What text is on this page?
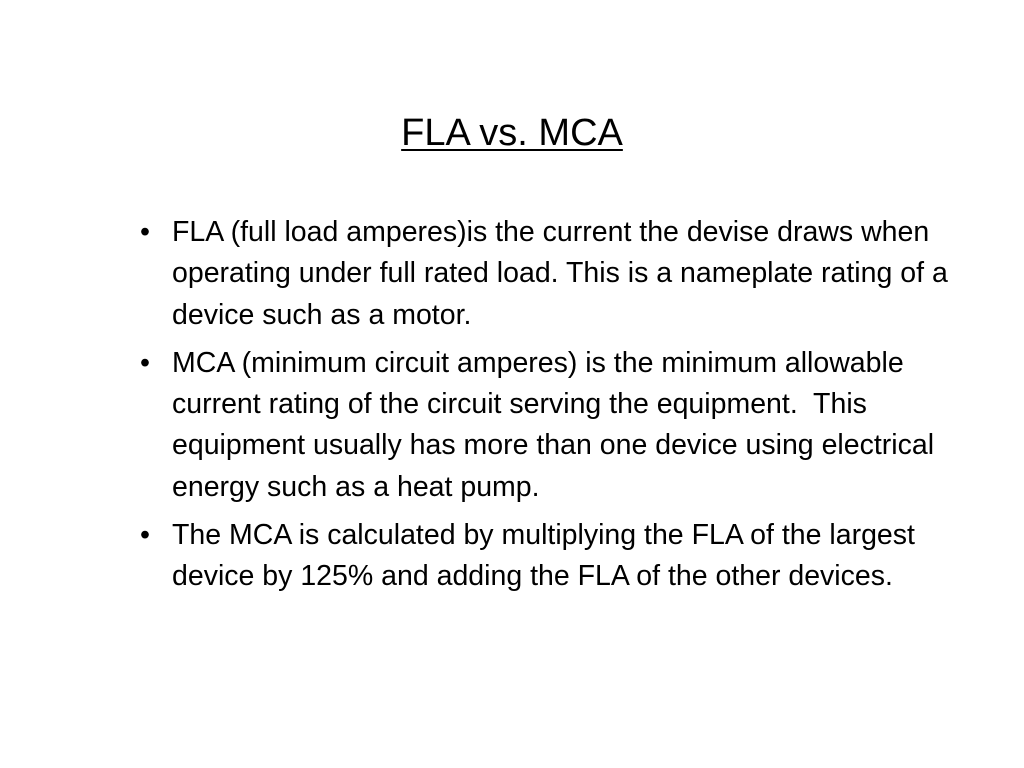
FLA vs. MCA
• FLA (full load amperes)is the current the devise draws when operating under full rated load. This is a nameplate rating of a device such as a motor.
• MCA (minimum circuit amperes) is the minimum allowable current rating of the circuit serving the equipment.  This equipment usually has more than one device using electrical energy such as a heat pump.
• The MCA is calculated by multiplying the FLA of the largest device by 125% and adding the FLA of the other devices.
